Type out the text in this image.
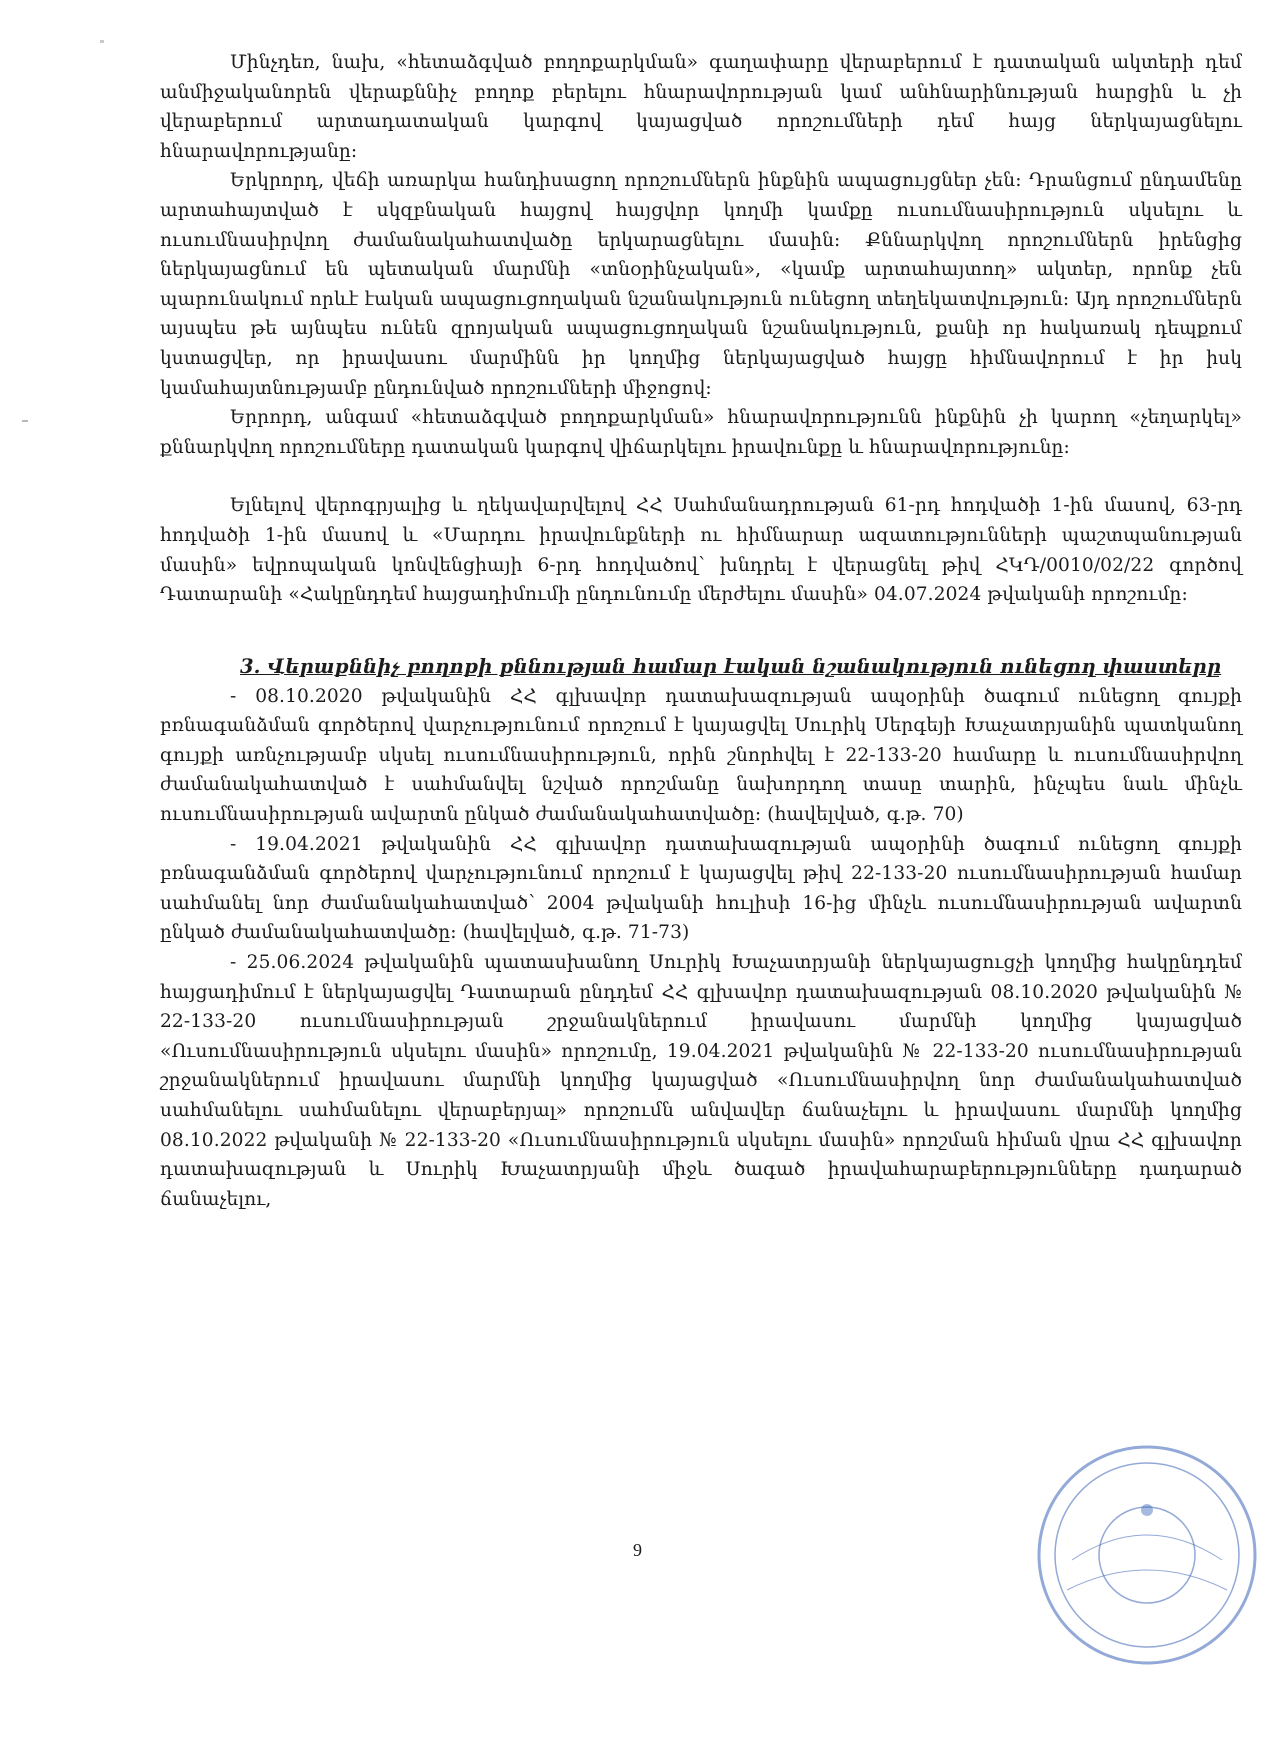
Մինչդեռ, նախ, «հետաձգված բողոքարկման» գաղափարը վերաբերում է դատական ակտերի դեմ անմիջականորեն վերաքննիչ բողոք բերելու հնարավորության կամ անհնարինության հարցին և չի վերաբերում արտադատական կարգով կայացված որոշումների դեմ հայց ներկայացնելու հնարավորությանը:

Երկրորդ, վեճի առարկա հանդիսացող որոշումներն ինքնին ապացույցներ չեն: Դրանցում ընդամենը արտահայտված է սկզբնական հայցով հայցվոր կողմի կամքը ուսումնասիրություն սկսելու և ուսումնասիրվող ժամանակահատվածը երկարացնելու մասին: Քննարկվող որոշումներն իրենցից ներկայացնում են պետական մարմնի «տնօրինչական», «կամք արտահայտող» ակտեր, որոնք չեն պարունակում որևէ էական ապացուցողական նշանակություն ունեցող տեղեկատվություն: Այդ որոշումներն այսպես թե այնպես ունեն զրոյական ապացուցողական նշանակություն, քանի որ հակառակ դեպքում կստացվեր, որ իրավասու մարմինն իր կողմից ներկայացված հայցը հիմնավորում է իր իսկ կամահայտնությամբ ընդունված որոշումների միջոցով:

Երրորդ, անգամ «հետաձգված բողոքարկման» հնարավորությունն ինքնին չի կարող «չեղարկել» քննարկվող որոշումները դատական կարգով վիճարկելու իրավունքը և հնարավորությունը:

Ելնելով վերոգրյալից և ղեկավարվելով ՀՀ Սահմանադրության 61-րդ հոդվածի 1-ին մասով, 63-րդ հոդվածի 1-ին մասով և «Մարդու իրավունքների ու հիմնարար ազատությունների պաշտպանության մասին» եվրոպական կոնվենցիայի 6-րդ հոդվածով՝ խնդրել է վերացնել թիվ ՀԿԴ/0010/02/22 գործով Դատարանի «Հակընդդեմ հայցադիմումի ընդունումը մերժելու մասին» 04.07.2024 թվականի որոշումը:

3. Վերաքննիչ բողոքի քննության համար էական նշանակություն ունեցող փաստերը

- 08.10.2020 թվականին ՀՀ գլխավոր դատախազության ապօրինի ծագում ունեցող գույքի բռնագանձման գործերով վարչությունում որոշում է կայացվել Սուրիկ Սերգեյի Խաչատրյանին պատկանող գույքի առնչությամբ սկսել ուսումնասիրություն, որին շնորհվել է 22-133-20 համարը և ուսումնասիրվող ժամանակահատված է սահմանվել նշված որոշմանը նախորդող տասը տարին, ինչպես նաև մինչև ուսումնասիրության ավարտն ընկած ժամանակահատվածը: (հավելված, գ.թ. 70)

- 19.04.2021 թվականին ՀՀ գլխավոր դատախազության ապօրինի ծագում ունեցող գույքի բռնագանձման գործերով վարչությունում որոշում է կայացվել թիվ 22-133-20 ուսումնասիրության համար սահմանել նոր ժամանակահատված՝ 2004 թվականի հուլիսի 16-ից մինչև ուսումնասիրության ավարտն ընկած ժամանակահատվածը: (հավելված, գ.թ. 71-73)

- 25.06.2024 թվականին պատասխանող Սուրիկ Խաչատրյանի ներկայացուցչի կողմից հակընդդեմ հայցադիմում է ներկայացվել Դատարան ընդդեմ ՀՀ գլխավոր դատախազության 08.10.2020 թվականին № 22-133-20 ուսումնասիրության շրջանակներում իրավասու մարմնի կողմից կայացված «Ուսումնասիրություն սկսելու մասին» որոշումը, 19.04.2021 թվականին № 22-133-20 ուսումնասիրության շրջանակներում իրավասու մարմնի կողմից կայացված «Ուսումնասիրվող նոր ժամանակահատված սահմանելու սահմանելու վերաբերյալ» որոշումն անվավեր ճանաչելու և իրավասու մարմնի կողմից 08.10.2022 թվականի № 22-133-20 «Ուսումնասիրություն սկսելու մասին» որոշման հիման վրա ՀՀ գլխավոր դատախազության և Սուրիկ Խաչատրյանի միջև ծագած իրավահարաբերությունները դադարած ճանաչելու,

9
